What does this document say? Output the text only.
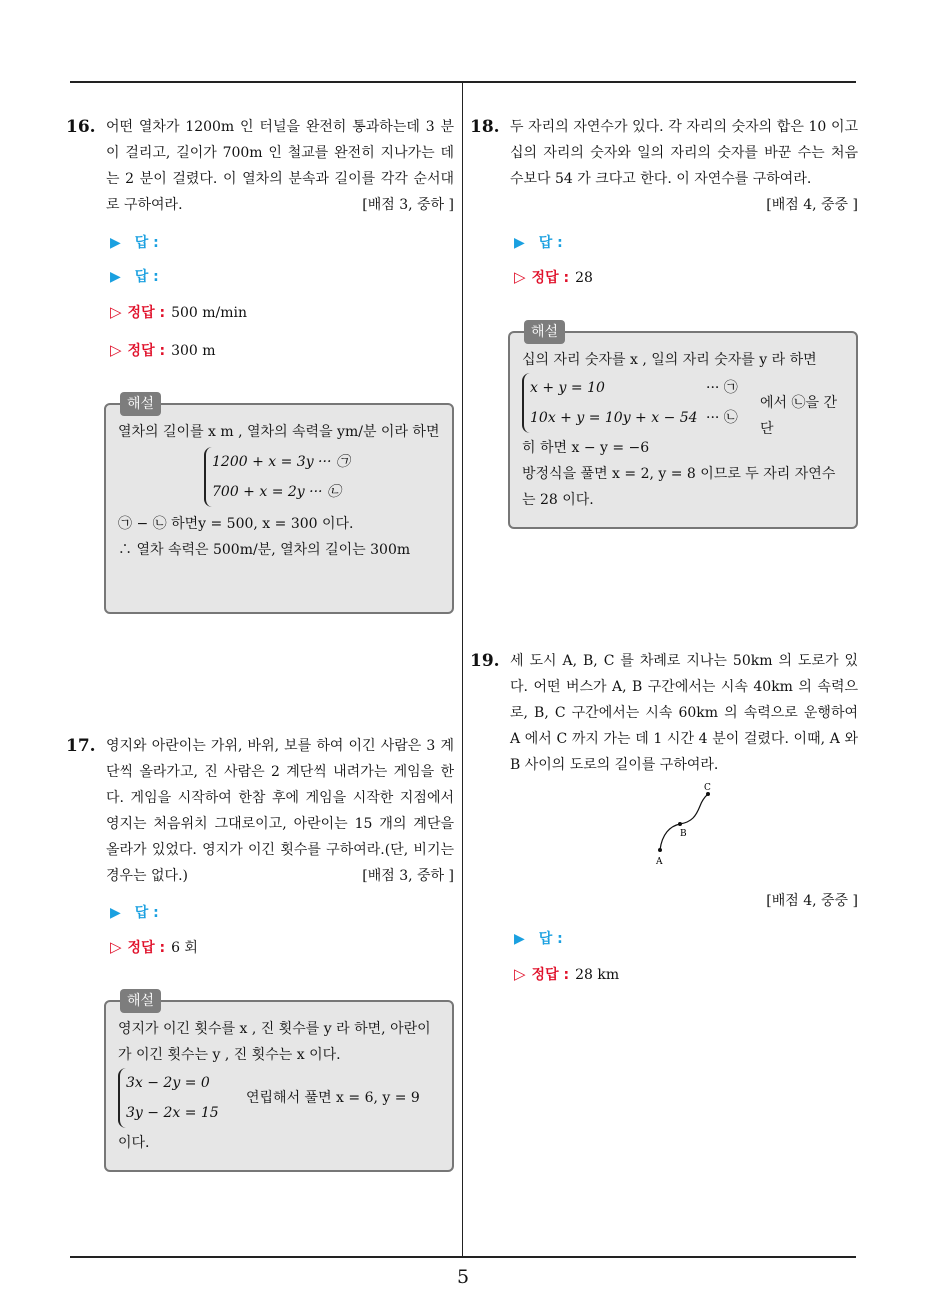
16. 어떤 열차가 1200m 인 터널을 완전히 통과하는데 3 분이 걸리고, 길이가 700m 인 철교를 완전히 지나가는 데는 2 분이 걸렸다. 이 열차의 분속과 길이를 각각 순서대로 구하여라.	[배점 3, 중하 ]
▶ 답 :
▶ 답 :
▷ 정답 : 500 m/min
▷ 정답 : 300 m
해설
열차의 길이를 x m , 열차의 속력을 ym/분 이라 하면
1200 + x = 3y ··· ㉠
700 + x = 2y ··· ㉡
㉠ − ㉡ 하면y = 500, x = 300 이다.
∴ 열차 속력은 500m/분, 열차의 길이는 300m
17. 영지와 아란이는 가위, 바위, 보를 하여 이긴 사람은 3 계단씩 올라가고, 진 사람은 2 계단씩 내려가는 게임을 한다. 게임을 시작하여 한참 후에 게임을 시작한 지점에서 영지는 처음위치 그대로이고, 아란이는 15 개의 계단을 올라가 있었다. 영지가 이긴 횟수를 구하여라.(단, 비기는 경우는 없다.)	[배점 3, 중하 ]
▶ 답 :
▷ 정답 : 6 회
해설
영지가 이긴 횟수를 x , 진 횟수를 y 라 하면, 아란이가 이긴 횟수는 y , 진 횟수는 x 이다.
3x − 2y = 0
3y − 2x = 15
연립해서 풀면 x = 6, y = 9
이다.
18. 두 자리의 자연수가 있다. 각 자리의 숫자의 합은 10 이고 십의 자리의 숫자와 일의 자리의 숫자를 바꾼 수는 처음 수보다 54 가 크다고 한다. 이 자연수를 구하여라.
[배점 4, 중중 ]
▶ 답 :
▷ 정답 : 28
해설
십의 자리 숫자를 x , 일의 자리 숫자를 y 라 하면
x + y = 10
10x + y = 10y + x − 54
··· ㉠
··· ㉡
에서 ㉡을 간단
히 하면 x − y = −6
방정식을 풀면 x = 2, y = 8 이므로 두 자리 자연수는 28 이다.
19. 세 도시 A, B, C 를 차례로 지나는 50km 의 도로가 있다. 어떤 버스가 A, B 구간에서는 시속 40km 의 속력으로, B, C 구간에서는 시속 60km 의 속력으로 운행하여 A 에서 C 까지 가는 데 1 시간 4 분이 걸렸다. 이때, A 와 B 사이의 도로의 길이를 구하여라.
A
B
C
[배점 4, 중중 ]
▶ 답 :
▷ 정답 : 28 km
5
